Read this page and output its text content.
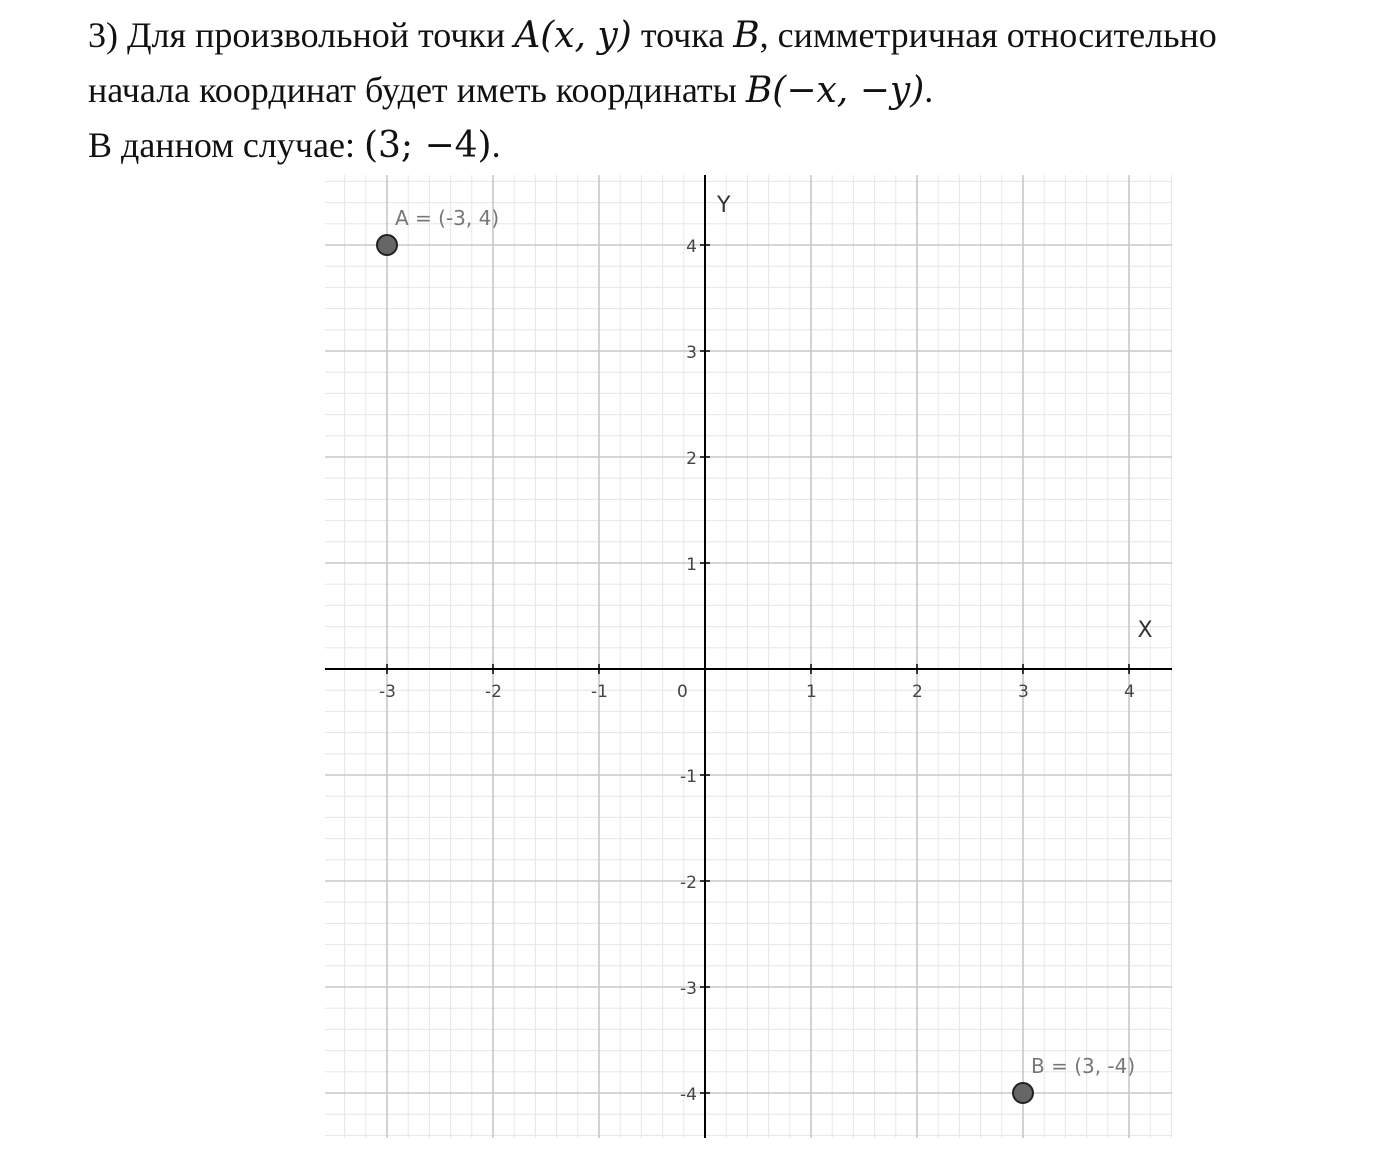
3) Для произвольной точки A(x, y) точка B, симметричная относительно
начала координат будет иметь координаты B(−x, −y).
В данном случае: (3; −4).
X
Y
-3	-2	-1	0	1	2	3	4
4
3
2
1
-1
-2
-3
-4
A = (-3, 4)
B = (3, -4)
